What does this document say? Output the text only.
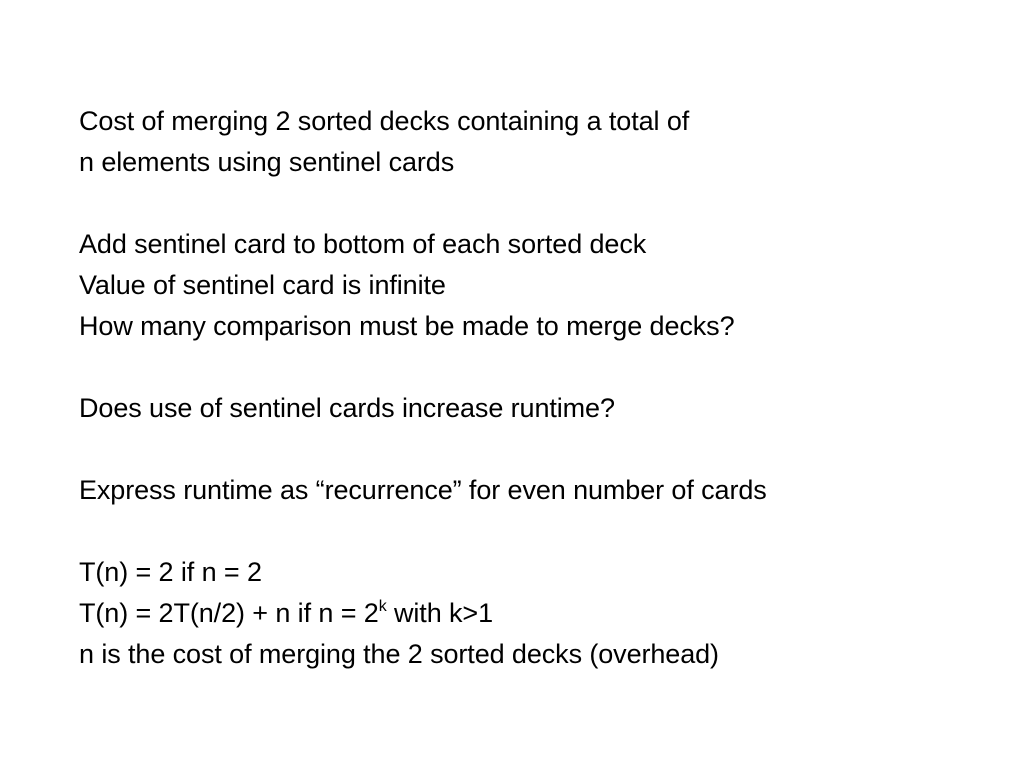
Cost of merging 2 sorted decks containing a total of
n elements using sentinel cards
Add sentinel card to bottom of each sorted deck
Value of sentinel card is infinite
How many comparison must be made to merge decks?
Does use of sentinel cards increase runtime?
Express runtime as “recurrence” for even number of cards
T(n) = 2 if n = 2
T(n) = 2T(n/2) + n if $n = 2^k$ with k>1
n is the cost of merging the 2 sorted decks (overhead)
